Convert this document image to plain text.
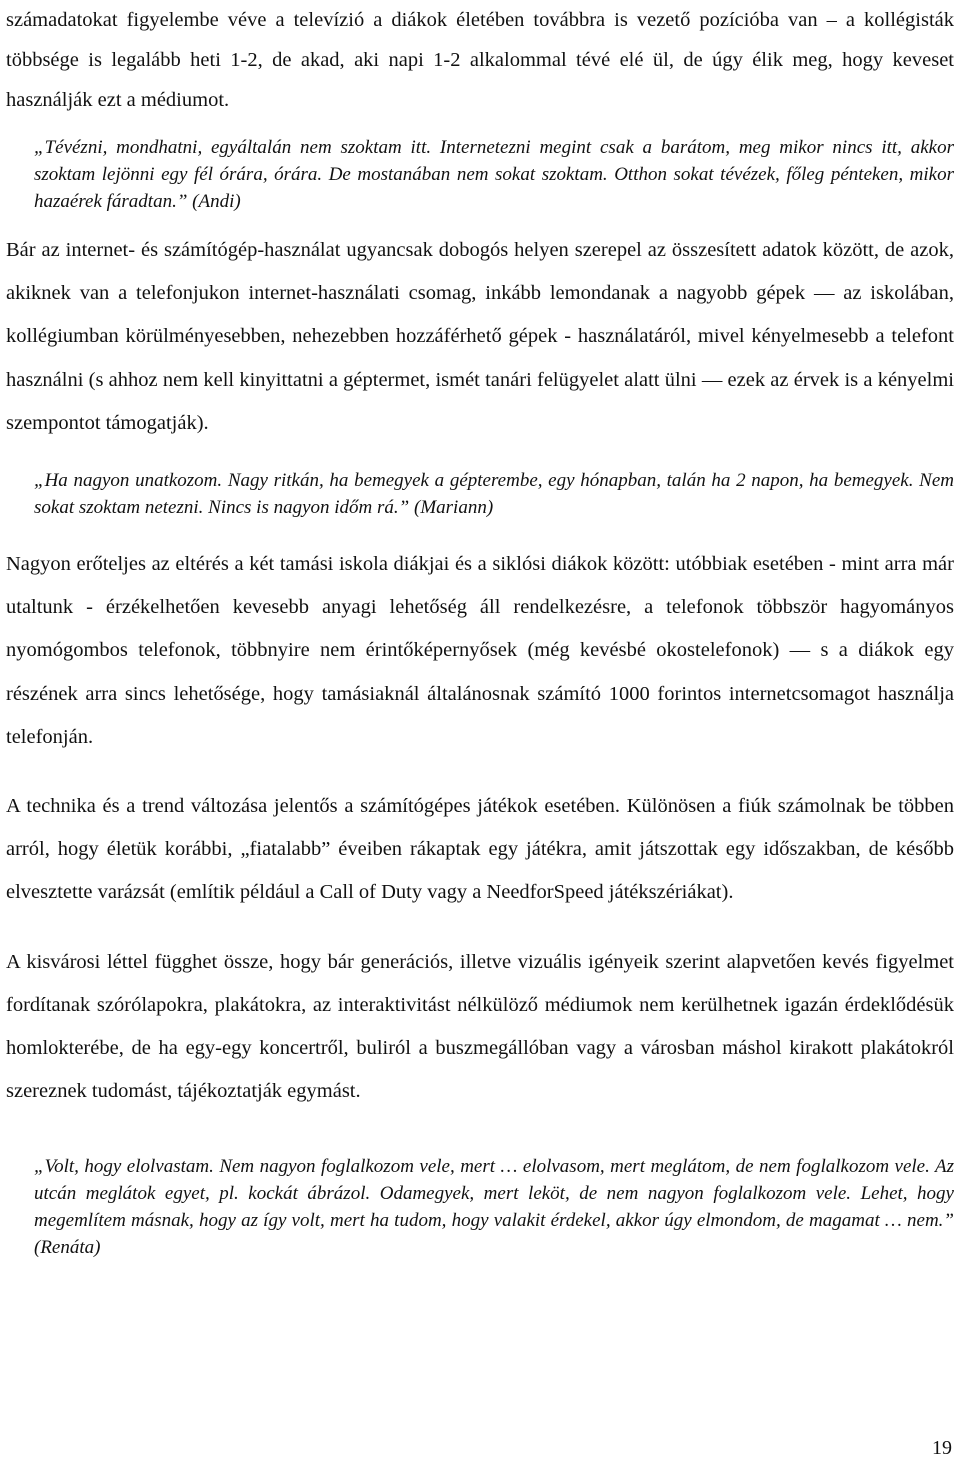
számadatokat figyelembe véve a televízió a diákok életében továbbra is vezető pozícióba van – a kollégisták többsége is legalább heti 1-2, de akad, aki napi 1-2 alkalommal tévé elé ül, de úgy élik meg, hogy keveset használják ezt a médiumot.

„Tévézni, mondhatni, egyáltalán nem szoktam itt. Internetezni megint csak a barátom, meg mikor nincs itt, akkor szoktam lejönni egy fél órára, órára. De mostanában nem sokat szoktam. Otthon sokat tévézek, főleg pénteken, mikor hazaérek fáradtan.” (Andi)

Bár az internet- és számítógép-használat ugyancsak dobogós helyen szerepel az összesített adatok között, de azok, akiknek van a telefonjukon internet-használati csomag, inkább lemondanak a nagyobb gépek — az iskolában, kollégiumban körülményesebben, nehezebben hozzáférhető gépek - használatáról, mivel kényelmesebb a telefont használni (s ahhoz nem kell kinyittatni a géptermet, ismét tanári felügyelet alatt ülni — ezek az érvek is a kényelmi szempontot támogatják).

„Ha nagyon unatkozom. Nagy ritkán, ha bemegyek a gépterembe, egy hónapban, talán ha 2 napon, ha bemegyek. Nem sokat szoktam netezni. Nincs is nagyon időm rá.” (Mariann)

Nagyon erőteljes az eltérés a két tamási iskola diákjai és a siklósi diákok között: utóbbiak esetében - mint arra már utaltunk - érzékelhetően kevesebb anyagi lehetőség áll rendelkezésre, a telefonok többször hagyományos nyomógombos telefonok, többnyire nem érintőképernyősek (még kevésbé okostelefonok) — s a diákok egy részének arra sincs lehetősége, hogy tamásiaknál általánosnak számító 1000 forintos internetcsomagot használja telefonján.

A technika és a trend változása jelentős a számítógépes játékok esetében. Különösen a fiúk számolnak be többen arról, hogy életük korábbi, „fiatalabb” éveiben rákaptak egy játékra, amit játszottak egy időszakban, de később elvesztette varázsát (említik például a Call of Duty vagy a NeedforSpeed játékszériákat).

A kisvárosi léttel függhet össze, hogy bár generációs, illetve vizuális igényeik szerint alapvetően kevés figyelmet fordítanak szórólapokra, plakátokra, az interaktivitást nélkülöző médiumok nem kerülhetnek igazán érdeklődésük homlokterébe, de ha egy-egy koncertről, buliról a buszmegállóban vagy a városban máshol kirakott plakátokról szereznek tudomást, tájékoztatják egymást.

„Volt, hogy elolvastam. Nem nagyon foglalkozom vele, mert … elolvasom, mert meglátom, de nem foglalkozom vele. Az utcán meglátok egyet, pl. kockát ábrázol. Odamegyek, mert leköt, de nem nagyon foglalkozom vele. Lehet, hogy megemlítem másnak, hogy az így volt, mert ha tudom, hogy valakit érdekel, akkor úgy elmondom, de magamat … nem.” (Renáta)

19
